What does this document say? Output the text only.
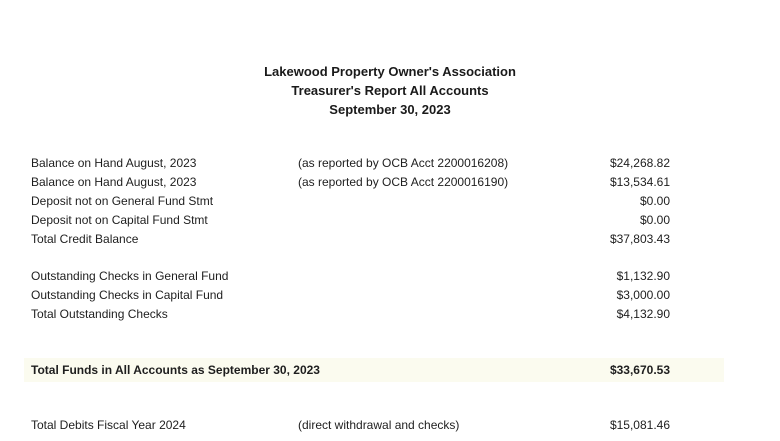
Lakewood Property Owner's Association
Treasurer's Report All Accounts
September 30, 2023
Balance on Hand August, 2023	(as reported by OCB Acct 2200016208)	$24,268.82
Balance on Hand August, 2023	(as reported by OCB Acct 2200016190)	$13,534.61
Deposit not on General Fund Stmt	$0.00
Deposit not on Capital Fund Stmt	$0.00
Total Credit Balance	$37,803.43
Outstanding Checks in General Fund	$1,132.90
Outstanding Checks in Capital Fund	$3,000.00
Total Outstanding Checks	$4,132.90
Total Funds in All Accounts as September 30, 2023	$33,670.53
Total Debits Fiscal Year 2024	(direct withdrawal and checks)	$15,081.46
